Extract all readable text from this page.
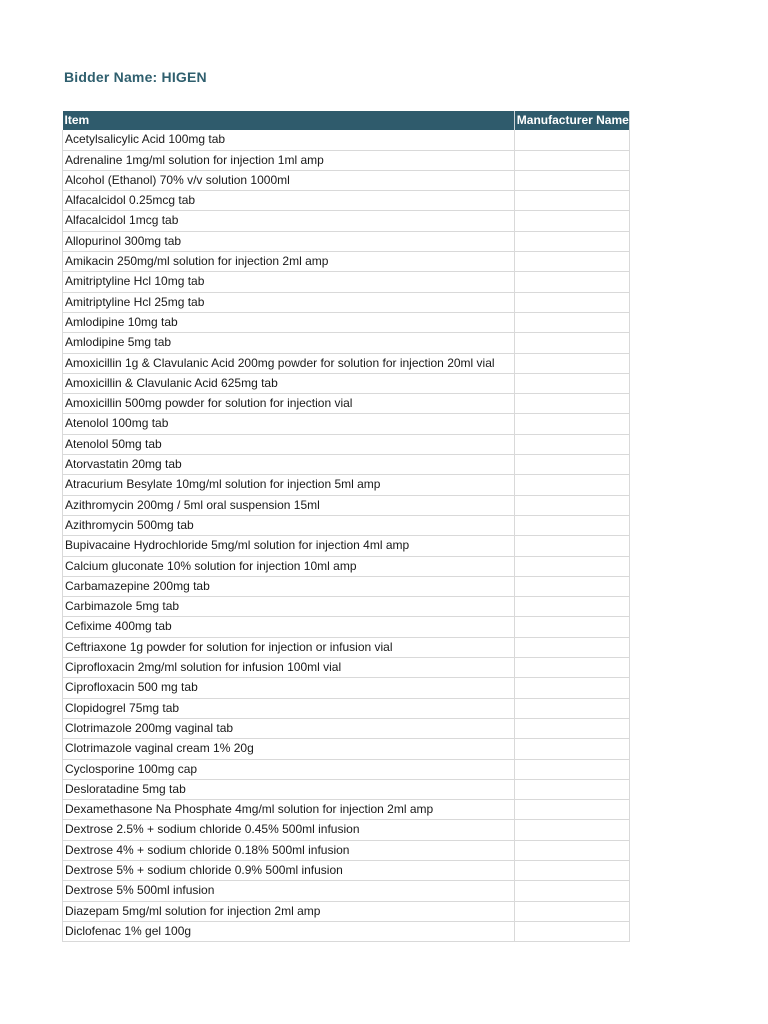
Bidder Name: HIGEN
Item	Manufacturer Name
Acetylsalicylic Acid 100mg tab	
Adrenaline 1mg/ml solution for injection 1ml amp	
Alcohol (Ethanol) 70% v/v solution 1000ml	
Alfacalcidol 0.25mcg tab	
Alfacalcidol 1mcg tab	
Allopurinol 300mg tab	
Amikacin 250mg/ml solution for injection 2ml amp	
Amitriptyline Hcl 10mg tab	
Amitriptyline Hcl 25mg tab	
Amlodipine 10mg tab	
Amlodipine 5mg tab	
Amoxicillin 1g & Clavulanic Acid 200mg powder for solution for injection 20ml vial	
Amoxicillin & Clavulanic Acid 625mg tab	
Amoxicillin 500mg powder for solution for injection vial	
Atenolol 100mg tab	
Atenolol 50mg tab	
Atorvastatin 20mg tab	
Atracurium Besylate 10mg/ml solution for injection 5ml amp	
Azithromycin 200mg / 5ml oral suspension 15ml	
Azithromycin 500mg tab	
Bupivacaine Hydrochloride 5mg/ml solution for injection 4ml amp	
Calcium gluconate 10% solution for injection 10ml amp	
Carbamazepine 200mg tab	
Carbimazole 5mg tab	
Cefixime 400mg tab	
Ceftriaxone 1g powder for solution for injection or infusion vial	
Ciprofloxacin 2mg/ml solution for infusion 100ml vial	
Ciprofloxacin 500 mg tab	
Clopidogrel 75mg tab	
Clotrimazole 200mg vaginal tab	
Clotrimazole vaginal cream 1% 20g	
Cyclosporine 100mg cap	
Desloratadine 5mg tab	
Dexamethasone Na Phosphate 4mg/ml solution for injection 2ml amp	
Dextrose 2.5% + sodium chloride 0.45% 500ml infusion	
Dextrose 4% + sodium chloride 0.18% 500ml infusion	
Dextrose 5% + sodium chloride 0.9% 500ml infusion	
Dextrose 5% 500ml infusion	
Diazepam 5mg/ml solution for injection 2ml amp	
Diclofenac 1% gel 100g	
